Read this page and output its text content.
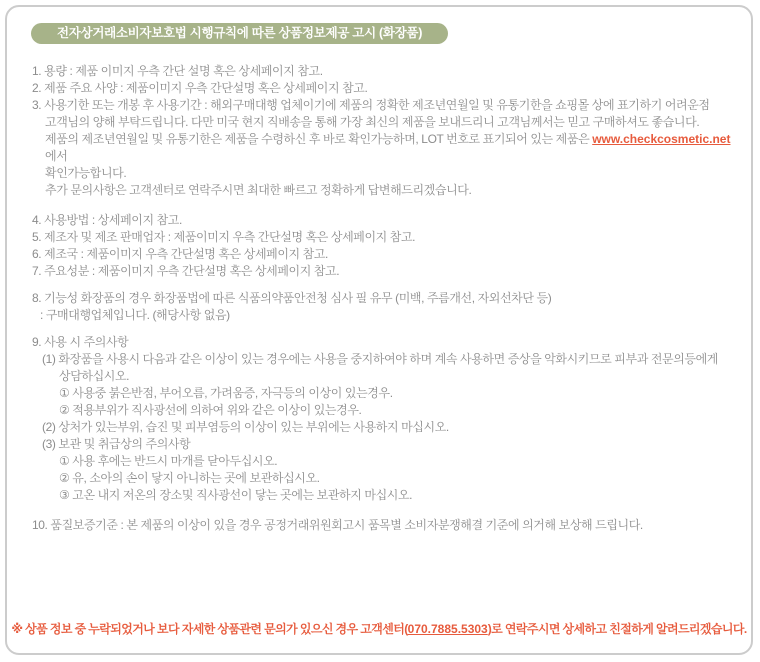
전자상거래소비자보호법 시행규칙에 따른 상품정보제공 고시 (화장품)

1. 용량 : 제품 이미지 우측 간단 설명 혹은 상세페이지 참고.

2. 제품 주요 사양 : 제품이미지 우측 간단설명 혹은 상세페이지 참고.

3. 사용기한 또는 개봉 후 사용기간 : 해외구매대행 업체이기에 제품의 정확한 제조년연월일 및 유통기한을 쇼핑몰 상에 표기하기 어려운점

고객님의 양해 부탁드립니다. 다만 미국 현지 직배송을 통해 가장 최신의 제품을 보내드리니 고객님께서는 믿고 구매하셔도 좋습니다.

제품의 제조년연월일 및 유통기한은 제품을 수령하신 후 바로 확인가능하며, LOT 번호로 표기되어 있는 제품은 www.checkcosmetic.net 에서

확인가능합니다.

추가 문의사항은 고객센터로 연락주시면 최대한 빠르고 정확하게 답변해드리겠습니다.

4. 사용방법 : 상세페이지 참고.

5. 제조자 및 제조 판매업자 : 제품이미지 우측 간단설명 혹은 상세페이지 참고.

6. 제조국 : 제품이미지 우측 간단설명 혹은 상세페이지 참고.

7. 주요성분 : 제품이미지 우측 간단설명 혹은 상세페이지 참고.

8. 기능성 화장품의 경우 화장품법에 따른 식품의약품안전청 심사 필 유무 (미백, 주름개선, 자외선차단 등)

: 구매대행업체입니다. (해당사항 없음)

9. 사용 시 주의사항

(1) 화장품을 사용시 다음과 같은 이상이 있는 경우에는 사용을 중지하여야 하며 계속 사용하면 증상을 악화시키므로 피부과 전문의등에게

상담하십시오.

① 사용중 붉은반점, 부어오름, 가려움증, 자극등의 이상이 있는경우.

② 적용부위가 직사광선에 의하여 위와 같은 이상이 있는경우.

(2) 상처가 있는부위, 습진 및 피부염등의 이상이 있는 부위에는 사용하지 마십시오.

(3) 보관 및 취급상의 주의사항

① 사용 후에는 반드시 마개를 닫아두십시오.

② 유, 소아의 손이 닿지 아니하는 곳에 보관하십시오.

③ 고온 내지 저온의 장소및 직사광선이 닿는 곳에는 보관하지 마십시오.

10. 품질보증기준 : 본 제품의 이상이 있을 경우 공정거래위원회고시 품목별 소비자분쟁해결 기준에 의거해 보상해 드립니다.

※ 상품 정보 중 누락되었거나 보다 자세한 상품관련 문의가 있으신 경우 고객센터(070.7885.5303)로 연락주시면 상세하고 친절하게 알려드리겠습니다.
